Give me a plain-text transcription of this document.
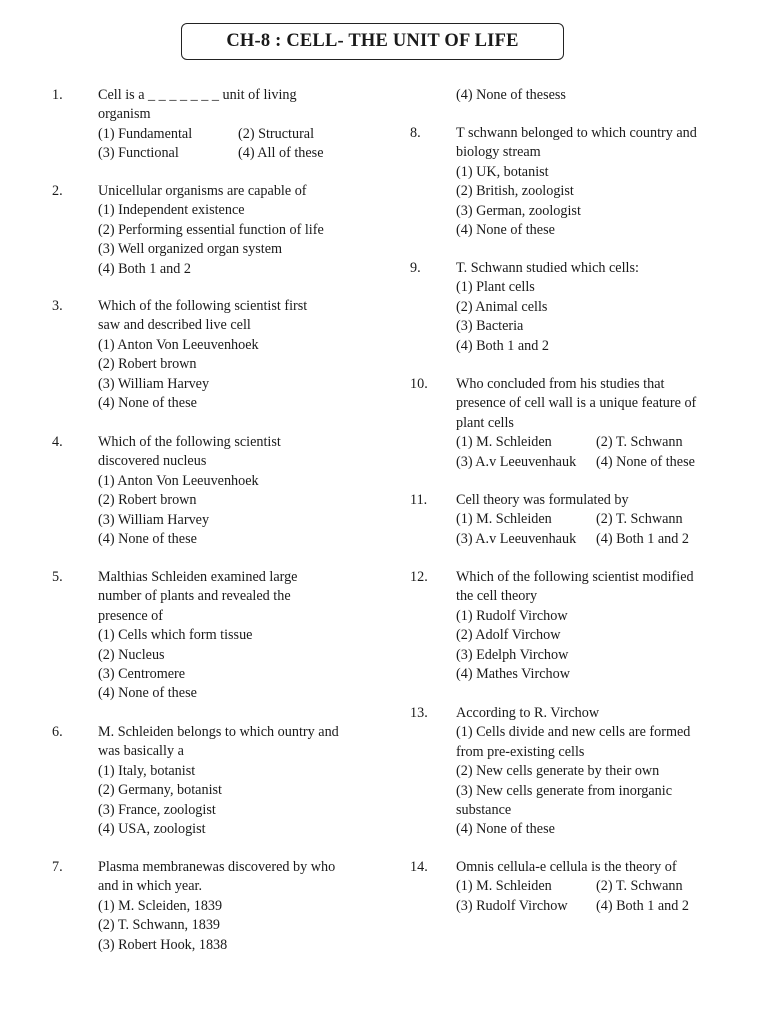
CH-8 : CELL- THE UNIT OF LIFE
1.	Cell is a _ _ _ _ _ _ _ unit of living
organism
(1) Fundamental	(2) Structural
(3) Functional	(4) All of these
2.	Unicellular organisms are capable of
(1) Independent existence
(2) Performing essential function of life
(3) Well organized organ system
(4) Both 1 and 2
3.	Which of the following scientist first
saw and described live cell
(1) Anton Von Leeuvenhoek
(2) Robert brown
(3) William Harvey
(4) None of these
4.	Which of the following scientist
discovered nucleus
(1) Anton Von Leeuvenhoek
(2) Robert brown
(3) William Harvey
(4) None of these
5.	Malthias Schleiden examined large
number of plants and revealed the
presence of
(1) Cells which form tissue
(2) Nucleus
(3) Centromere
(4) None of these
6.	M. Schleiden belongs to which ountry and
was basically a
(1) Italy, botanist
(2) Germany, botanist
(3) France, zoologist
(4) USA, zoologist
7.	Plasma membranewas discovered by who
and in which year.
(1) M. Scleiden, 1839
(2) T. Schwann, 1839
(3) Robert Hook, 1838
(4) None of thesess
8.	T schwann belonged to which country and
biology stream
(1) UK, botanist
(2) British, zoologist
(3) German, zoologist
(4) None of these
9.	T. Schwann studied which cells:
(1) Plant cells
(2) Animal cells
(3) Bacteria
(4) Both 1 and 2
10.	Who concluded from his studies that
presence of cell wall is a unique feature of
plant cells
(1) M. Schleiden	(2) T. Schwann
(3) A.v Leeuvenhauk	(4) None of these
11.	Cell theory was formulated by
(1) M. Schleiden	(2) T. Schwann
(3) A.v Leeuvenhauk	(4) Both 1 and 2
12.	Which of the following scientist modified
the cell theory
(1) Rudolf Virchow
(2) Adolf Virchow
(3) Edelph Virchow
(4) Mathes Virchow
13.	According to R. Virchow
(1) Cells divide and new cells are formed
from pre-existing cells
(2) New cells generate by their own
(3) New cells generate from inorganic
substance
(4) None of these
14.	Omnis cellula-e cellula is the theory of
(1) M. Schleiden	(2) T. Schwann
(3) Rudolf Virchow	(4) Both 1 and 2
